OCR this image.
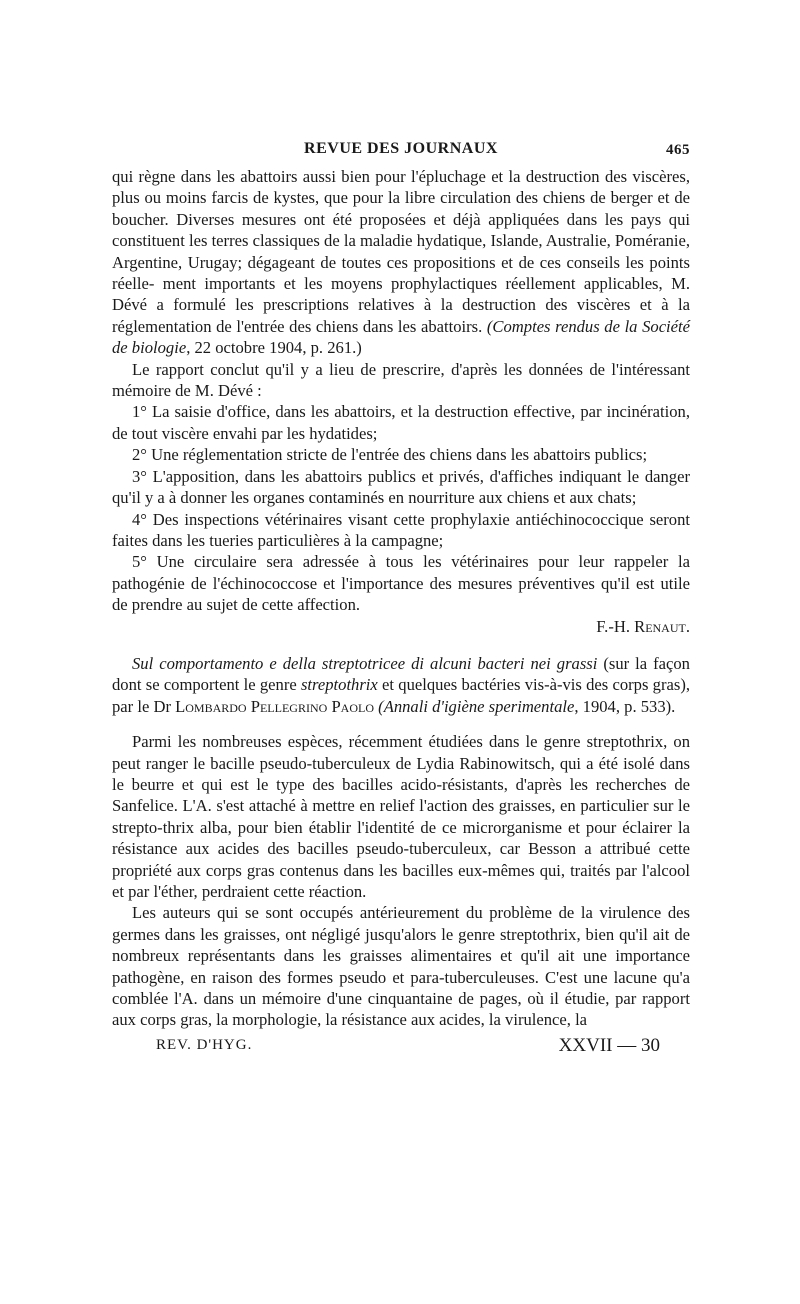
REVUE DES JOURNAUX	465

qui règne dans les abattoirs aussi bien pour l'épluchage et la destruction des viscères, plus ou moins farcis de kystes, que pour la libre circulation des chiens de berger et de boucher. Diverses mesures ont été proposées et déjà appliquées dans les pays qui constituent les terres classiques de la maladie hydatique, Islande, Australie, Poméranie, Argentine, Urugay; dégageant de toutes ces propositions et de ces conseils les points réelle- ment importants et les moyens prophylactiques réellement applicables, M. Dévé a formulé les prescriptions relatives à la destruction des viscères et à la réglementation de l'entrée des chiens dans les abattoirs. (Comptes rendus de la Société de biologie, 22 octobre 1904, p. 261.)

Le rapport conclut qu'il y a lieu de prescrire, d'après les données de l'intéressant mémoire de M. Dévé :

1° La saisie d'office, dans les abattoirs, et la destruction effective, par incinération, de tout viscère envahi par les hydatides;

2° Une réglementation stricte de l'entrée des chiens dans les abattoirs publics;

3° L'apposition, dans les abattoirs publics et privés, d'affiches indiquant le danger qu'il y a à donner les organes contaminés en nourriture aux chiens et aux chats;

4° Des inspections vétérinaires visant cette prophylaxie antiéchinococcique seront faites dans les tueries particulières à la campagne;

5° Une circulaire sera adressée à tous les vétérinaires pour leur rappeler la pathogénie de l'échinococcose et l'importance des mesures préventives qu'il est utile de prendre au sujet de cette affection.

F.-H. Renaut.

Sul comportamento e della streptotricee di alcuni bacteri nei grassi (sur la façon dont se comportent le genre streptothrix et quelques bactéries vis-à-vis des corps gras), par le Dr Lombardo Pellegrino Paolo (Annali d'igiène sperimentale, 1904, p. 533).

Parmi les nombreuses espèces, récemment étudiées dans le genre streptothrix, on peut ranger le bacille pseudo-tuberculeux de Lydia Rabinowitsch, qui a été isolé dans le beurre et qui est le type des bacilles acido-résistants, d'après les recherches de Sanfelice. L'A. s'est attaché à mettre en relief l'action des graisses, en particulier sur le strepto-thrix alba, pour bien établir l'identité de ce microrganisme et pour éclairer la résistance aux acides des bacilles pseudo-tuberculeux, car Besson a attribué cette propriété aux corps gras contenus dans les bacilles eux-mêmes qui, traités par l'alcool et par l'éther, perdraient cette réaction.

Les auteurs qui se sont occupés antérieurement du problème de la virulence des germes dans les graisses, ont négligé jusqu'alors le genre streptothrix, bien qu'il ait de nombreux représentants dans les graisses alimentaires et qu'il ait une importance pathogène, en raison des formes pseudo et para-tuberculeuses. C'est une lacune qu'a comblée l'A. dans un mémoire d'une cinquantaine de pages, où il étudie, par rapport aux corps gras, la morphologie, la résistance aux acides, la virulence, la

REV. D'HYG.	XXVII — 30
